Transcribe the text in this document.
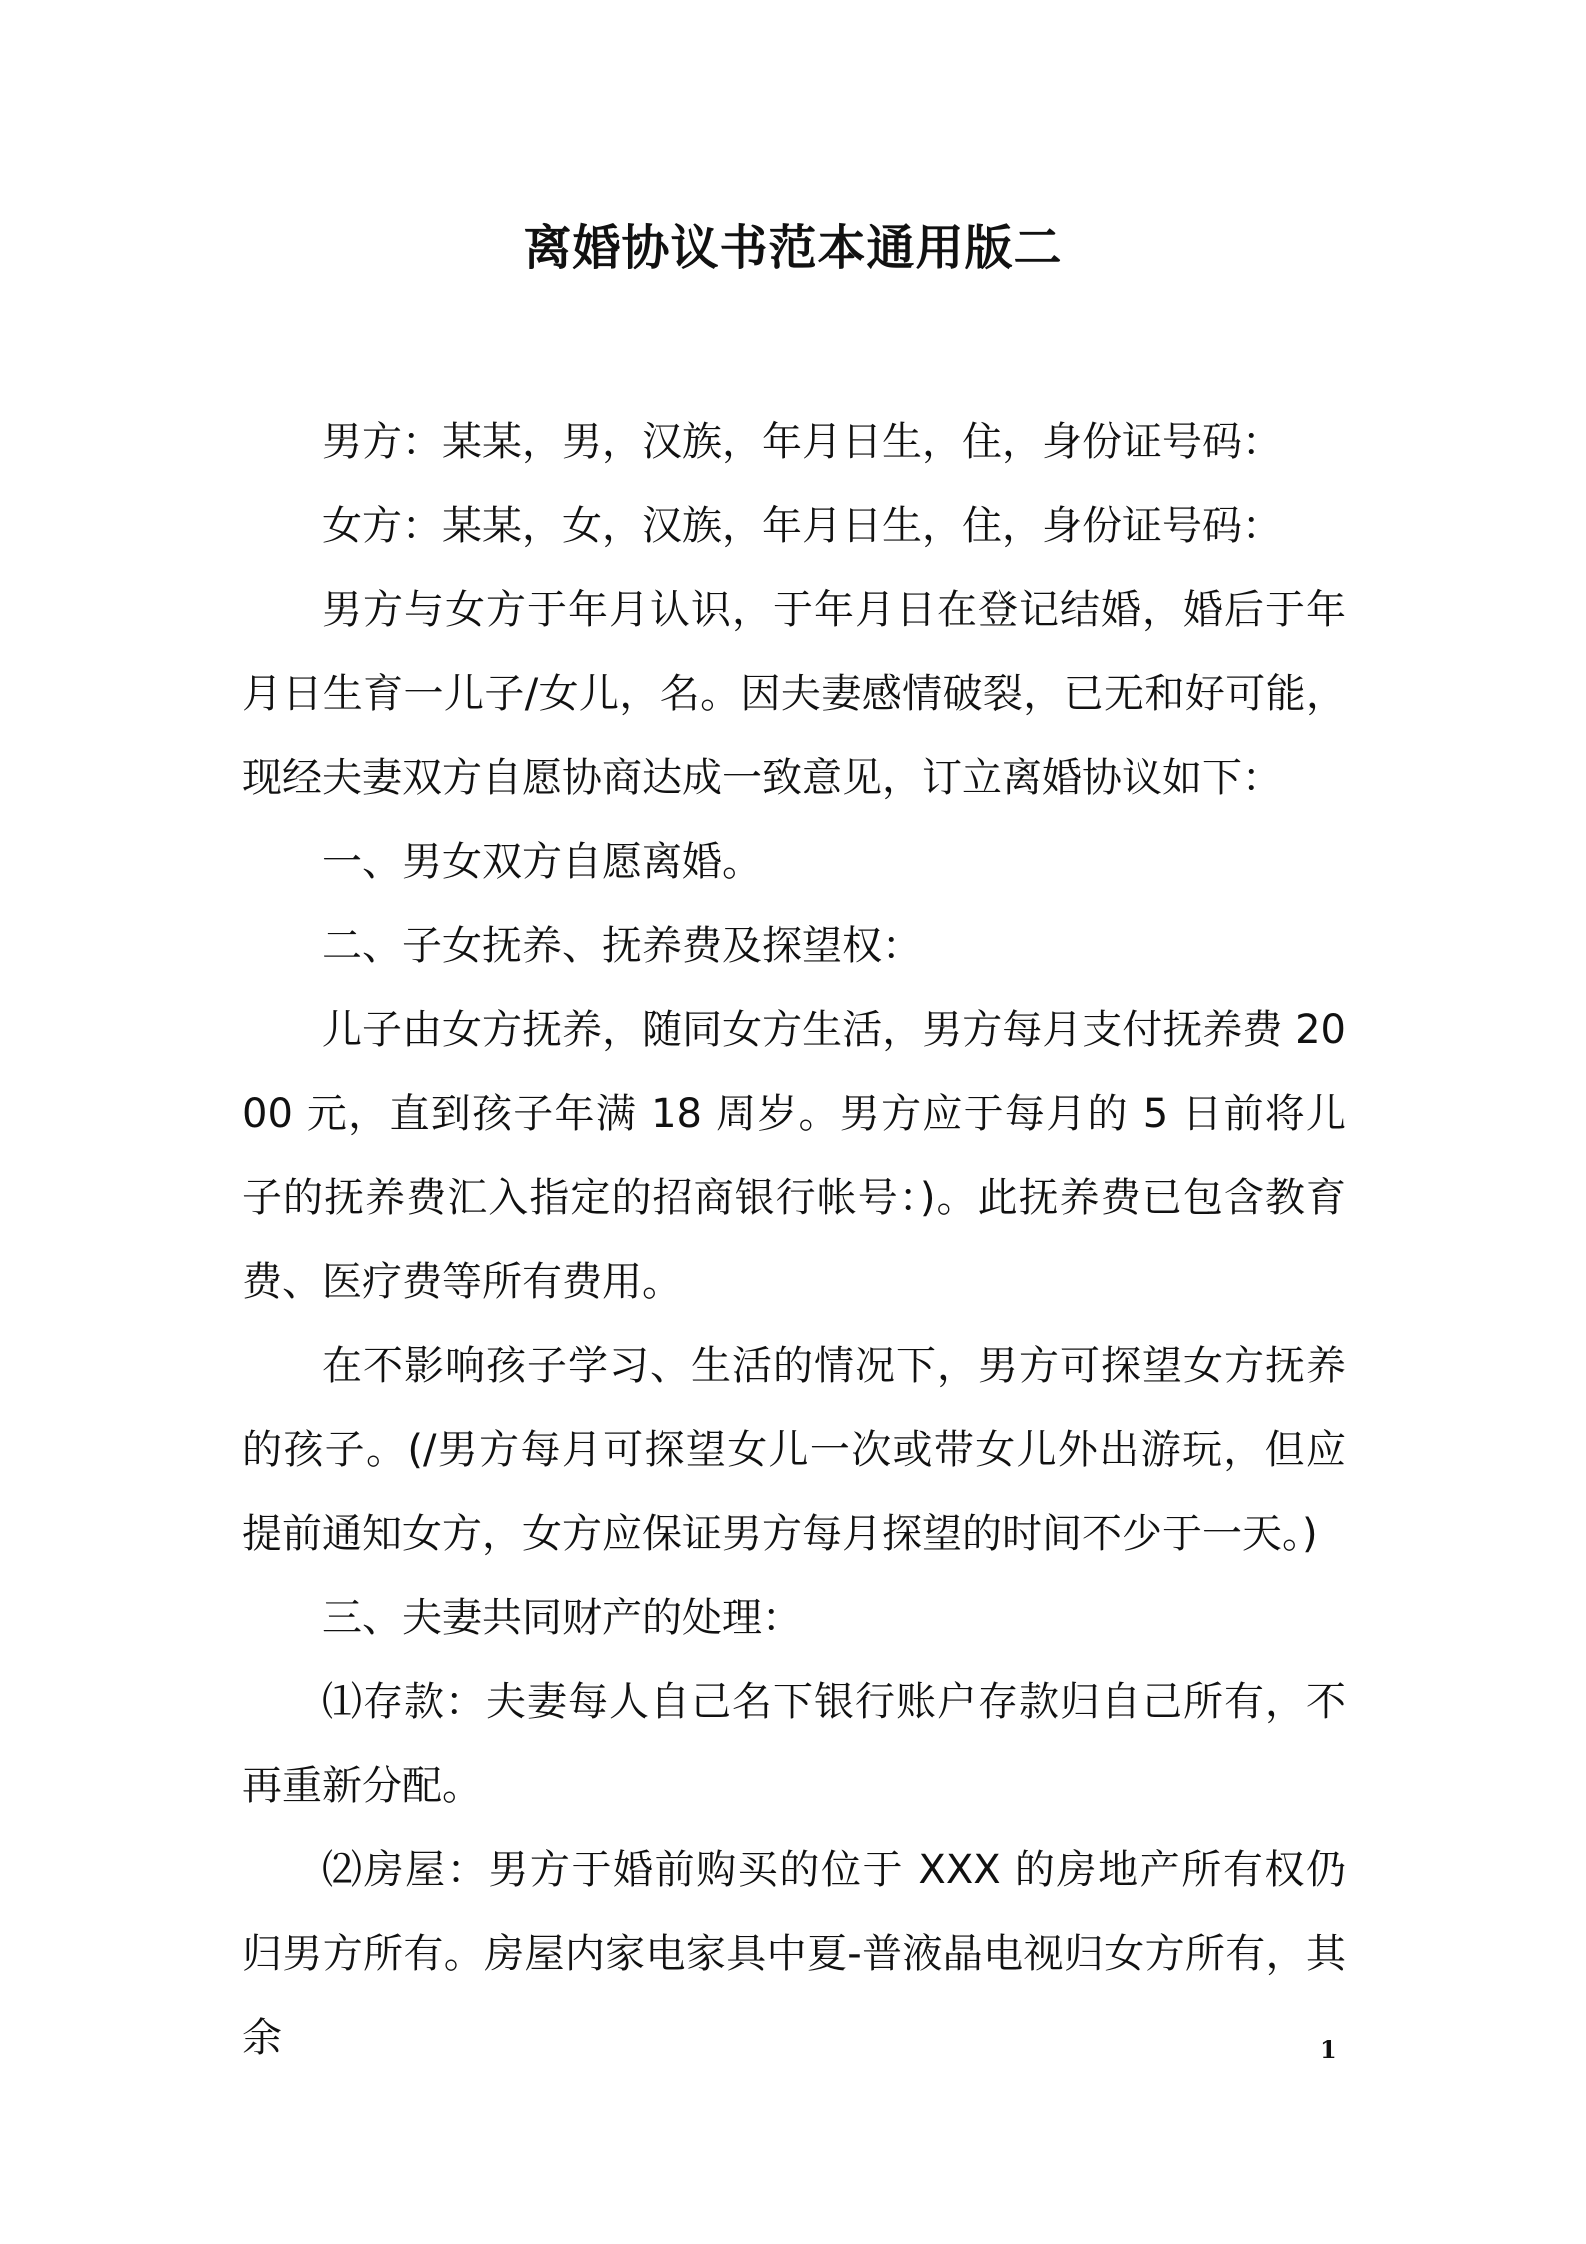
离婚协议书范本通用版二

男方：某某，男，汉族，年月日生，住，身份证号码：

女方：某某，女，汉族，年月日生，住，身份证号码：

男方与女方于年月认识，于年月日在登记结婚，婚后于年月日生育一儿子/女儿，名。因夫妻感情破裂，已无和好可能，现经夫妻双方自愿协商达成一致意见，订立离婚协议如下：

一、男女双方自愿离婚。

二、子女抚养、抚养费及探望权：

儿子由女方抚养，随同女方生活，男方每月支付抚养费 2000 元，直到孩子年满 18 周岁。男方应于每月的 5 日前将儿子的抚养费汇入指定的招商银行帐号：)。此抚养费已包含教育费、医疗费等所有费用。

在不影响孩子学习、生活的情况下，男方可探望女方抚养的孩子。(/男方每月可探望女儿一次或带女儿外出游玩，但应提前通知女方，女方应保证男方每月探望的时间不少于一天。)

三、夫妻共同财产的处理：

⑴存款：夫妻每人自己名下银行账户存款归自己所有，不再重新分配。

⑵房屋：男方于婚前购买的位于 XXX 的房地产所有权仍归男方所有。房屋内家电家具中夏-普液晶电视归女方所有，其余	1
